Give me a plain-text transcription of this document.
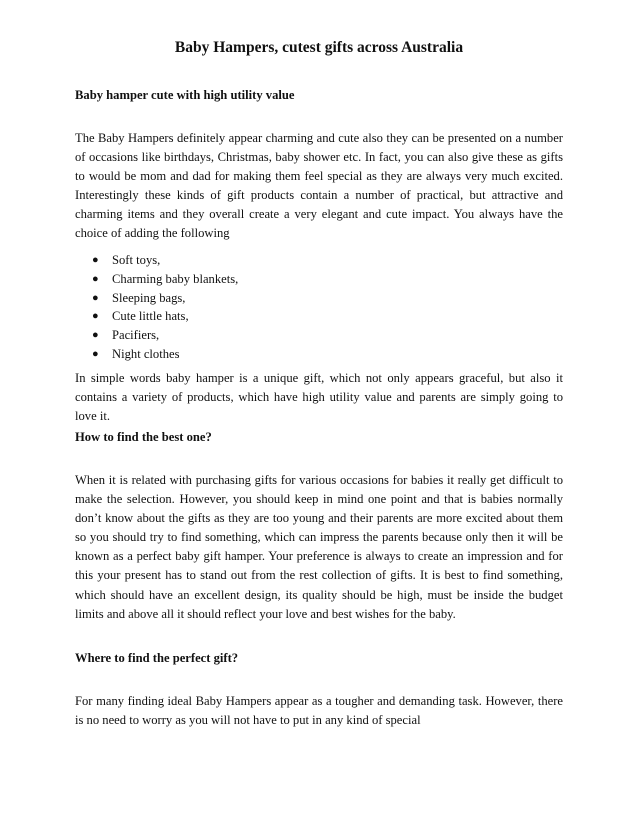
Baby Hampers, cutest gifts across Australia
Baby hamper cute with high utility value

The Baby Hampers definitely appear charming and cute also they can be presented on a number of occasions like birthdays, Christmas, baby shower etc. In fact, you can also give these as gifts to would be mom and dad for making them feel special as they are always very much excited. Interestingly these kinds of gift products contain a number of practical, but attractive and charming items and they overall create a very elegant and cute impact. You always have the choice of adding the following

● Soft toys,
● Charming baby blankets,
● Sleeping bags,
● Cute little hats,
● Pacifiers,
● Night clothes

In simple words baby hamper is a unique gift, which not only appears graceful, but also it contains a variety of products, which have high utility value and parents are simply going to love it.

How to find the best one?

When it is related with purchasing gifts for various occasions for babies it really get difficult to make the selection. However, you should keep in mind one point and that is babies normally don’t know about the gifts as they are too young and their parents are more excited about them so you should try to find something, which can impress the parents because only then it will be known as a perfect baby gift hamper. Your preference is always to create an impression and for this your present has to stand out from the rest collection of gifts. It is best to find something, which should have an excellent design, its quality should be high, must be inside the budget limits and above all it should reflect your love and best wishes for the baby.

Where to find the perfect gift?

For many finding ideal Baby Hampers appear as a tougher and demanding task. However, there is no need to worry as you will not have to put in any kind of special
